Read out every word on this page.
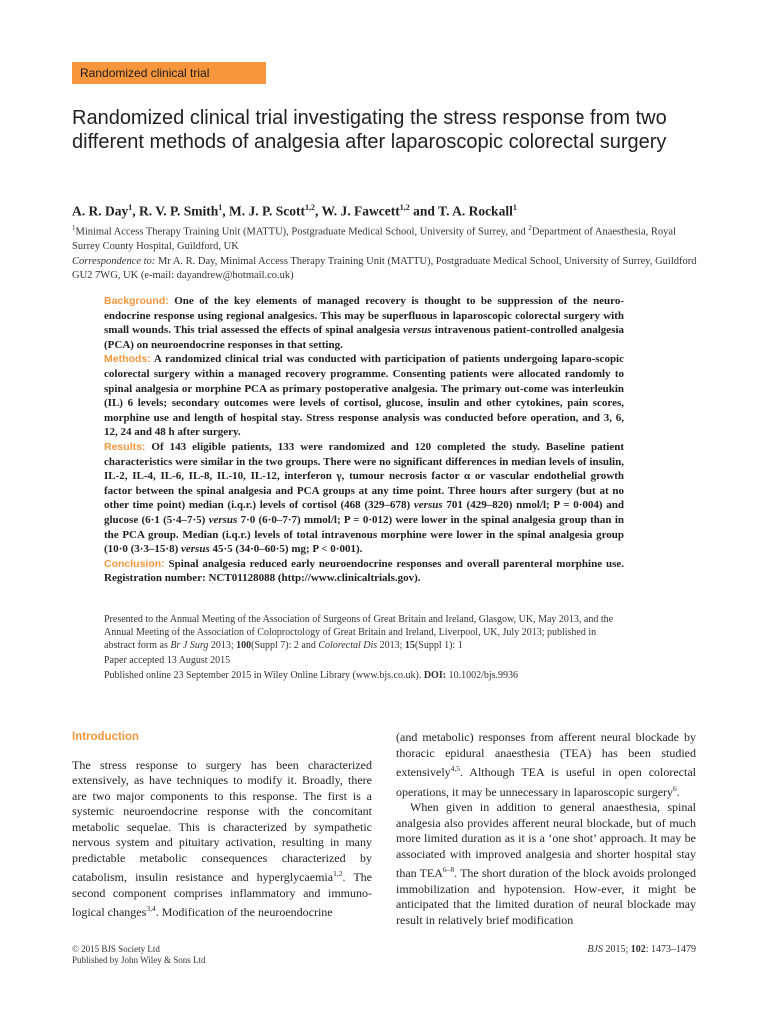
Randomized clinical trial
Randomized clinical trial investigating the stress response from two different methods of analgesia after laparoscopic colorectal surgery
A. R. Day$^1$, R. V. P. Smith$^1$, M. J. P. Scott$^{1,2}$, W. J. Fawcett$^{1,2}$ and T. A. Rockall$^1$

$^1$Minimal Access Therapy Training Unit (MATTU), Postgraduate Medical School, University of Surrey, and $^2$Department of Anaesthesia, Royal Surrey County Hospital, Guildford, UK

Correspondence to: Mr A. R. Day, Minimal Access Therapy Training Unit (MATTU), Postgraduate Medical School, University of Surrey, Guildford GU2 7WG, UK (e-mail: dayandrew@hotmail.co.uk)

Background: One of the key elements of managed recovery is thought to be suppression of the neuro-endocrine response using regional analgesics. This may be superfluous in laparoscopic colorectal surgery with small wounds. This trial assessed the effects of spinal analgesia versus intravenous patient-controlled analgesia (PCA) on neuroendocrine responses in that setting.

Methods: A randomized clinical trial was conducted with participation of patients undergoing laparo-scopic colorectal surgery within a managed recovery programme. Consenting patients were allocated randomly to spinal analgesia or morphine PCA as primary postoperative analgesia. The primary out-come was interleukin (IL) 6 levels; secondary outcomes were levels of cortisol, glucose, insulin and other cytokines, pain scores, morphine use and length of hospital stay. Stress response analysis was conducted before operation, and 3, 6, 12, 24 and 48 h after surgery.

Results: Of 143 eligible patients, 133 were randomized and 120 completed the study. Baseline patient characteristics were similar in the two groups. There were no significant differences in median levels of insulin, IL-2, IL-4, IL-6, IL-8, IL-10, IL-12, interferon γ, tumour necrosis factor α or vascular endothelial growth factor between the spinal analgesia and PCA groups at any time point. Three hours after surgery (but at no other time point) median (i.q.r.) levels of cortisol (468 (329–678) versus 701 (429–820) nmol/l; P = 0·004) and glucose (6·1 (5·4–7·5) versus 7·0 (6·0–7·7) mmol/l; P = 0·012) were lower in the spinal analgesia group than in the PCA group. Median (i.q.r.) levels of total intravenous morphine were lower in the spinal analgesia group (10·0 (3·3–15·8) versus 45·5 (34·0–60·5) mg; P < 0·001).

Conclusion: Spinal analgesia reduced early neuroendocrine responses and overall parenteral morphine use. Registration number: NCT01128088 (http://www.clinicaltrials.gov).

Presented to the Annual Meeting of the Association of Surgeons of Great Britain and Ireland, Glasgow, UK, May 2013, and the Annual Meeting of the Association of Coloproctology of Great Britain and Ireland, Liverpool, UK, July 2013; published in abstract form as Br J Surg 2013; 100(Suppl 7): 2 and Colorectal Dis 2013; 15(Suppl 1): 1

Paper accepted 13 August 2015

Published online 23 September 2015 in Wiley Online Library (www.bjs.co.uk). DOI: 10.1002/bjs.9936

Introduction

The stress response to surgery has been characterized extensively, as have techniques to modify it. Broadly, there are two major components to this response. The first is a systemic neuroendocrine response with the concomitant metabolic sequelae. This is characterized by sympathetic nervous system and pituitary activation, resulting in many predictable metabolic consequences characterized by catabolism, insulin resistance and hyperglycaemia$^{1,2}$. The second component comprises inflammatory and immuno-logical changes$^{3,4}$. Modification of the neuroendocrine

(and metabolic) responses from afferent neural blockade by thoracic epidural anaesthesia (TEA) has been studied extensively$^{4,5}$. Although TEA is useful in open colorectal operations, it may be unnecessary in laparoscopic surgery$^6$.

When given in addition to general anaesthesia, spinal analgesia also provides afferent neural blockade, but of much more limited duration as it is a ‘one shot’ approach. It may be associated with improved analgesia and shorter hospital stay than TEA$^{6-8}$. The short duration of the block avoids prolonged immobilization and hypotension. How-ever, it might be anticipated that the limited duration of neural blockade may result in relatively brief modification

© 2015 BJS Society Ltd

Published by John Wiley & Sons Ltd

BJS 2015; 102: 1473–1479
